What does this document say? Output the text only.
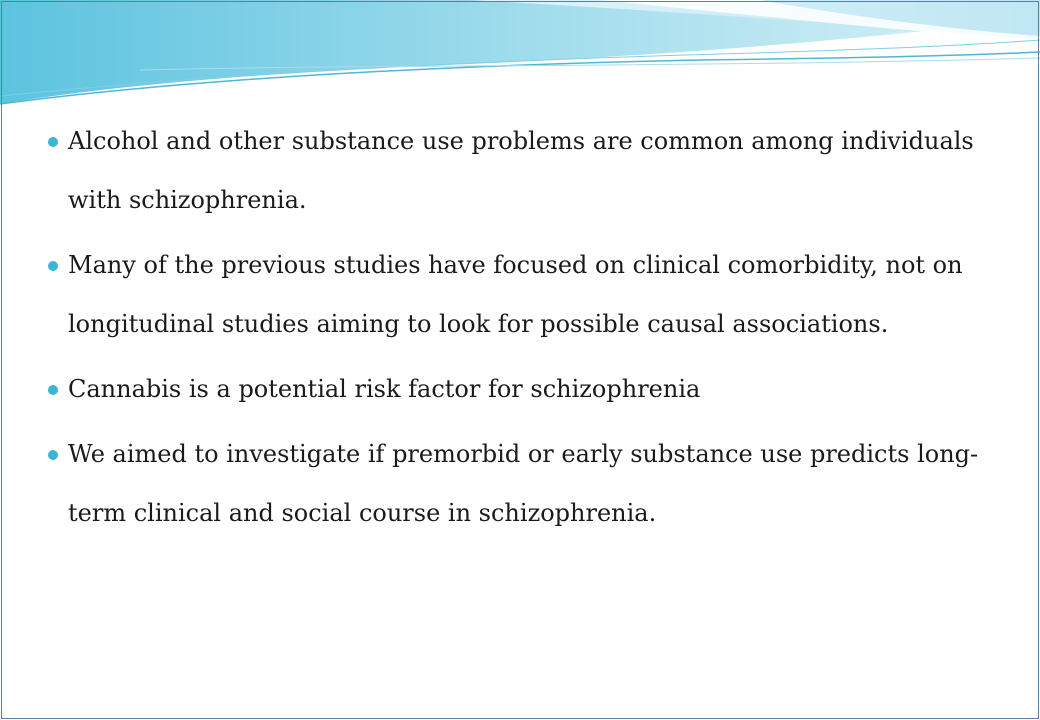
Alcohol and other substance use problems are common among individuals with schizophrenia.
Many of the previous studies have focused on clinical comorbidity, not on longitudinal studies aiming to look for possible causal associations.
Cannabis is a potential risk factor for schizophrenia
We aimed to investigate if premorbid or early substance use predicts long-term clinical and social course in schizophrenia.
